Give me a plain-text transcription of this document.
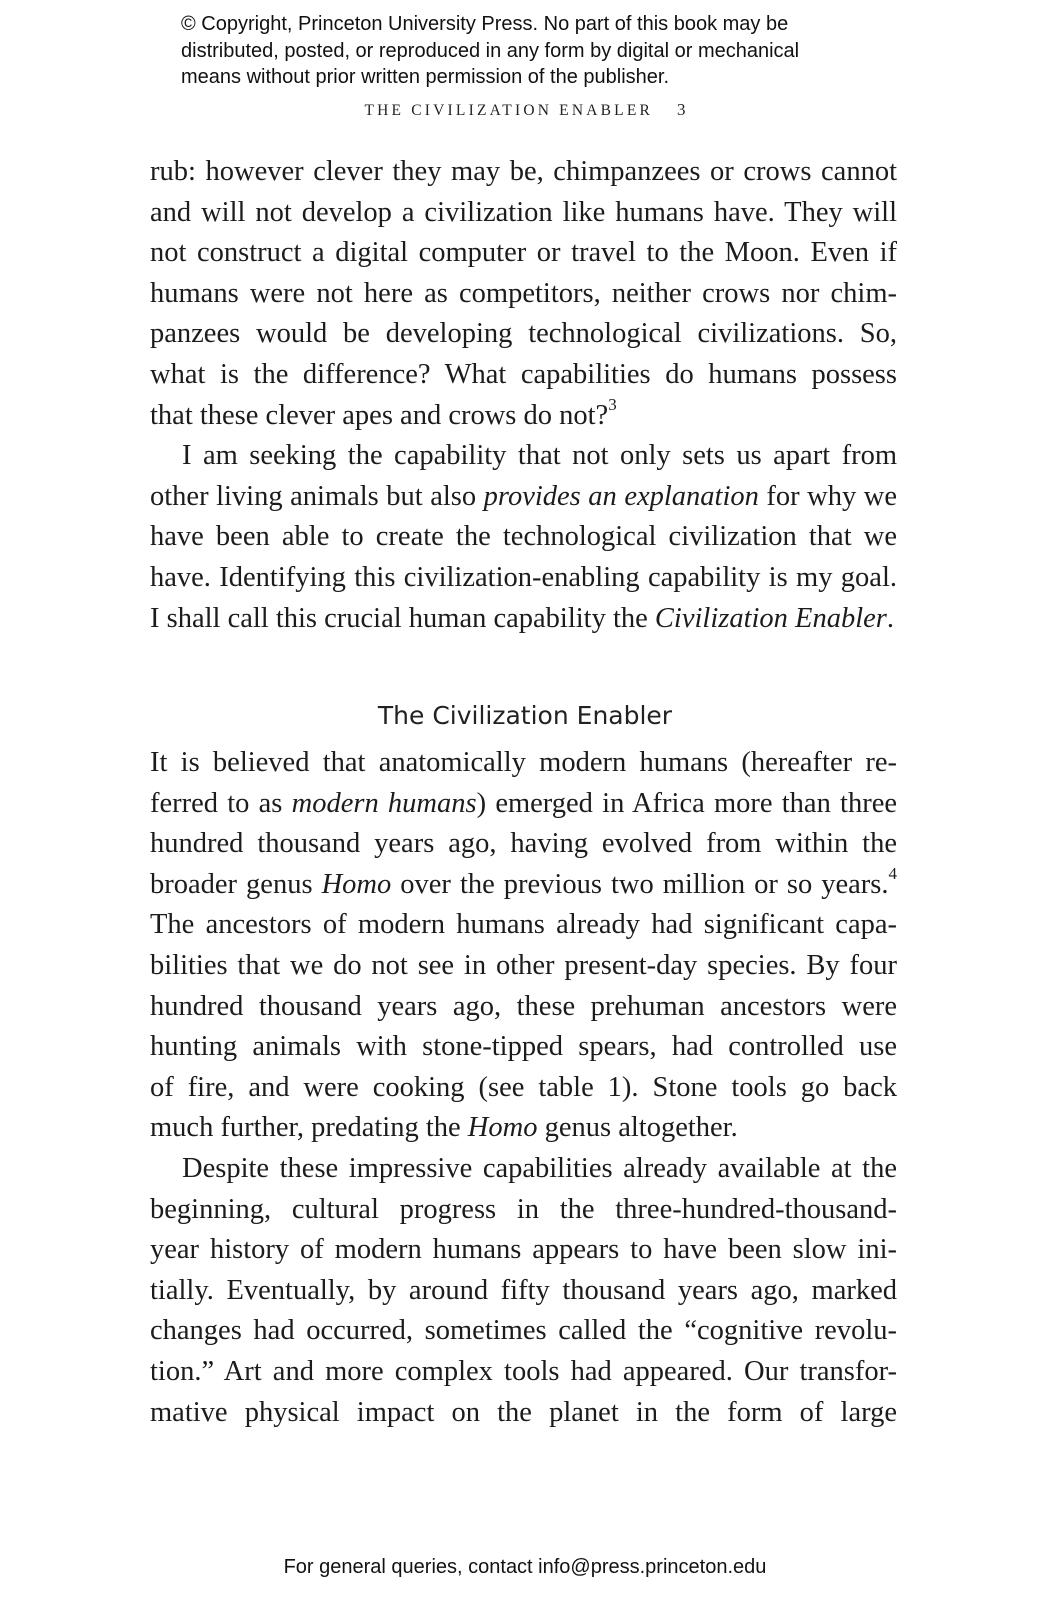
© Copyright, Princeton University Press. No part of this book may be
distributed, posted, or reproduced in any form by digital or mechanical
means without prior written permission of the publisher.
THE CIVILIZATION ENABLER 3
rub: however clever they may be, chimpanzees or crows cannot
and will not develop a civilization like humans have. They will
not construct a digital computer or travel to the Moon. Even if
humans were not here as competitors, neither crows nor chim-
panzees would be developing technological civilizations. So,
what is the difference? What capabilities do humans possess
that these clever apes and crows do not?$^3$
I am seeking the capability that not only sets us apart from
other living animals but also provides an explanation for why we
have been able to create the technological civilization that we
have. Identifying this civilization-enabling capability is my goal.
I shall call this crucial human capability the Civilization Enabler.
The Civilization Enabler
It is believed that anatomically modern humans (hereafter re-
ferred to as modern humans) emerged in Africa more than three
hundred thousand years ago, having evolved from within the
broader genus Homo over the previous two million or so years.$^4$
The ancestors of modern humans already had significant capa-
bilities that we do not see in other present-day species. By four
hundred thousand years ago, these prehuman ancestors were
hunting animals with stone-tipped spears, had controlled use
of fire, and were cooking (see table 1). Stone tools go back
much further, predating the Homo genus altogether.
Despite these impressive capabilities already available at the
beginning, cultural progress in the three-hundred-thousand-
year history of modern humans appears to have been slow ini-
tially. Eventually, by around fifty thousand years ago, marked
changes had occurred, sometimes called the “cognitive revolu-
tion.” Art and more complex tools had appeared. Our transfor-
mative physical impact on the planet in the form of large
For general queries, contact info@press.princeton.edu
